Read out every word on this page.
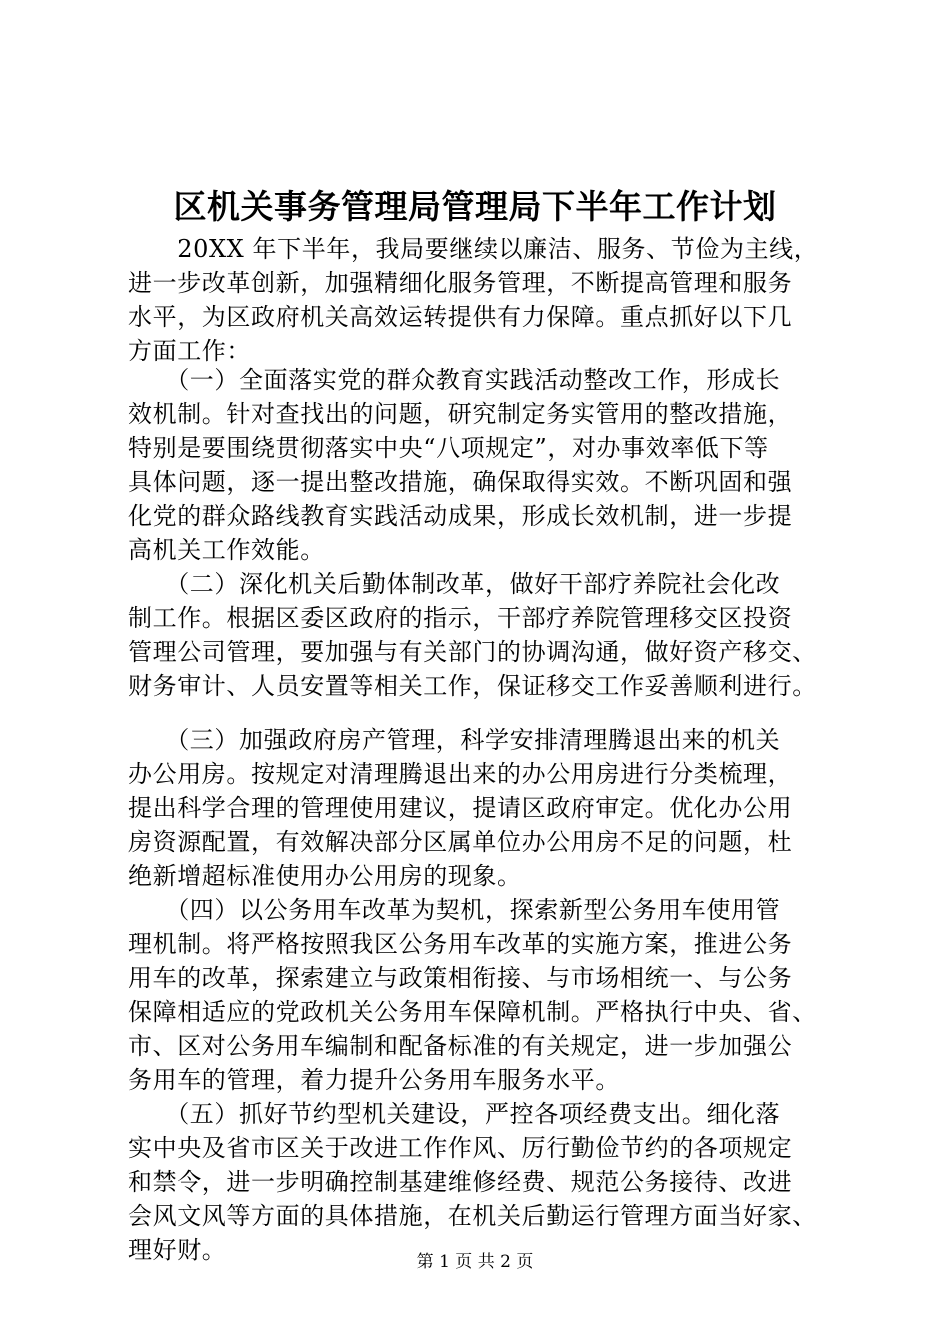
区机关事务管理局管理局下半年工作计划
　　20XX 年下半年，我局要继续以廉洁、服务、节俭为主线，
进一步改革创新，加强精细化服务管理，不断提高管理和服务
水平，为区政府机关高效运转提供有力保障。重点抓好以下几
方面工作：
　　（一）全面落实党的群众教育实践活动整改工作，形成长
效机制。针对查找出的问题，研究制定务实管用的整改措施，
特别是要围绕贯彻落实中央“八项规定”，对办事效率低下等
具体问题，逐一提出整改措施，确保取得实效。不断巩固和强
化党的群众路线教育实践活动成果，形成长效机制，进一步提
高机关工作效能。
　　（二）深化机关后勤体制改革，做好干部疗养院社会化改
制工作。根据区委区政府的指示，干部疗养院管理移交区投资
管理公司管理，要加强与有关部门的协调沟通，做好资产移交、
财务审计、人员安置等相关工作，保证移交工作妥善顺利进行。
　　（三）加强政府房产管理，科学安排清理腾退出来的机关
办公用房。按规定对清理腾退出来的办公用房进行分类梳理，
提出科学合理的管理使用建议，提请区政府审定。优化办公用
房资源配置，有效解决部分区属单位办公用房不足的问题，杜
绝新增超标准使用办公用房的现象。
　　（四）以公务用车改革为契机，探索新型公务用车使用管
理机制。将严格按照我区公务用车改革的实施方案，推进公务
用车的改革，探索建立与政策相衔接、与市场相统一、与公务
保障相适应的党政机关公务用车保障机制。严格执行中央、省、
市、区对公务用车编制和配备标准的有关规定，进一步加强公
务用车的管理，着力提升公务用车服务水平。
　　（五）抓好节约型机关建设，严控各项经费支出。细化落
实中央及省市区关于改进工作作风、厉行勤俭节约的各项规定
和禁令，进一步明确控制基建维修经费、规范公务接待、改进
会风文风等方面的具体措施，在机关后勤运行管理方面当好家、
理好财。	第 1 页 共 2 页
